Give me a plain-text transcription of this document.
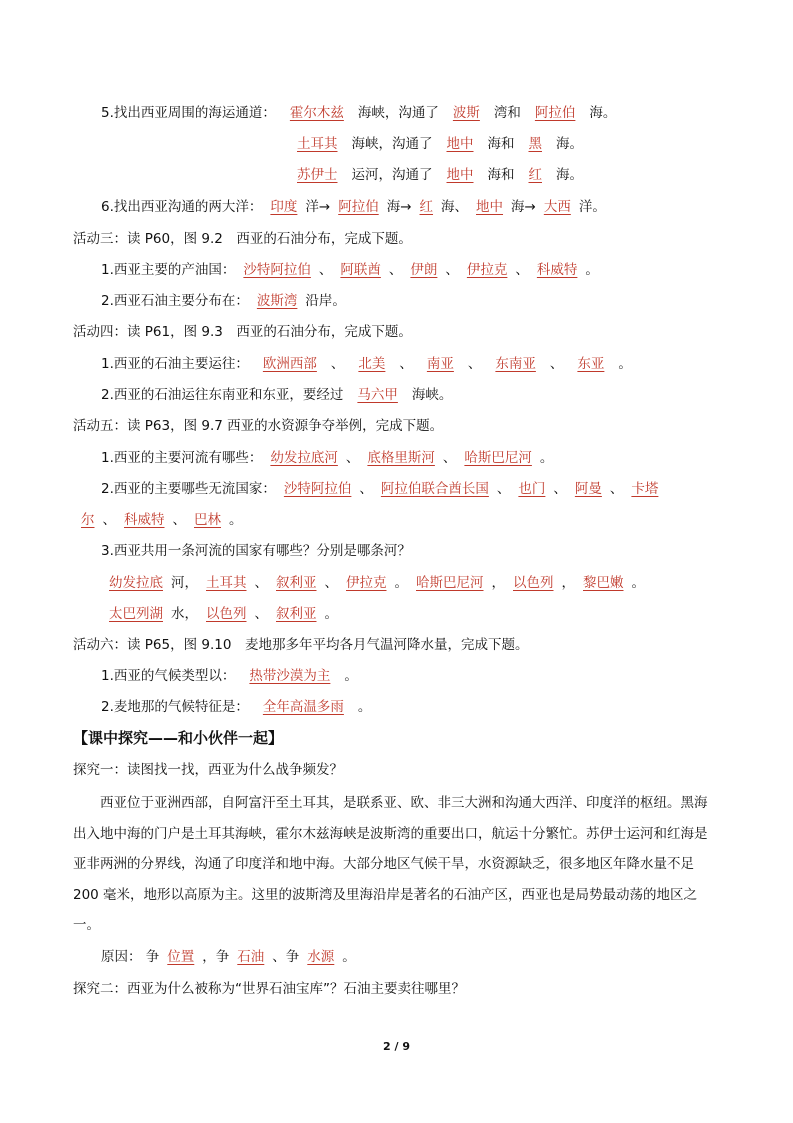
5.找出西亚周围的海运通道： 霍尔木兹 海峡，沟通了 波斯 湾和 阿拉伯 海。
土耳其 海峡，沟通了 地中 海和 黑 海。
苏伊士 运河，沟通了 地中 海和 红 海。
6.找出西亚沟通的两大洋： 印度 洋→ 阿拉伯 海→ 红 海、 地中 海→ 大西 洋。
活动三：读 P60，图 9.2　西亚的石油分布，完成下题。
1.西亚主要的产油国： 沙特阿拉伯 、 阿联酋 、 伊朗 、 伊拉克 、 科威特 。
2.西亚石油主要分布在： 波斯湾 沿岸。
活动四：读 P61，图 9.3　西亚的石油分布，完成下题。
1.西亚的石油主要运往： 欧洲西部 、 北美 、 南亚 、 东南亚 、 东亚 。
2.西亚的石油运往东南亚和东亚，要经过 马六甲 海峡。
活动五：读 P63，图 9.7 西亚的水资源争夺举例，完成下题。
1.西亚的主要河流有哪些： 幼发拉底河 、 底格里斯河 、 哈斯巴尼河 。
2.西亚的主要哪些无流国家： 沙特阿拉伯 、 阿拉伯联合酋长国 、 也门 、 阿曼 、 卡塔
尔 、 科威特 、 巴林 。
3.西亚共用一条河流的国家有哪些？分别是哪条河？
幼发拉底 河， 土耳其 、 叙利亚 、 伊拉克 。 哈斯巴尼河 ， 以色列 ， 黎巴嫩 。
太巴列湖 水， 以色列 、 叙利亚 。
活动六：读 P65，图 9.10　麦地那多年平均各月气温河降水量，完成下题。
1.西亚的气候类型以： 热带沙漠为主 。
2.麦地那的气候特征是： 全年高温多雨 。
【课中探究——和小伙伴一起】
探究一：读图找一找，西亚为什么战争频发？
西亚位于亚洲西部，自阿富汗至土耳其，是联系亚、欧、非三大洲和沟通大西洋、印度洋的枢纽。黑海出入地中海的门户是土耳其海峡，霍尔木兹海峡是波斯湾的重要出口，航运十分繁忙。苏伊士运河和红海是亚非两洲的分界线，沟通了印度洋和地中海。大部分地区气候干旱，水资源缺乏，很多地区年降水量不足 200 毫米，地形以高原为主。这里的波斯湾及里海沿岸是著名的石油产区，西亚也是局势最动荡的地区之一。
原因： 争 位置 ，争 石油 、争 水源 。
探究二：西亚为什么被称为“世界石油宝库”？石油主要卖往哪里？
2 / 9
